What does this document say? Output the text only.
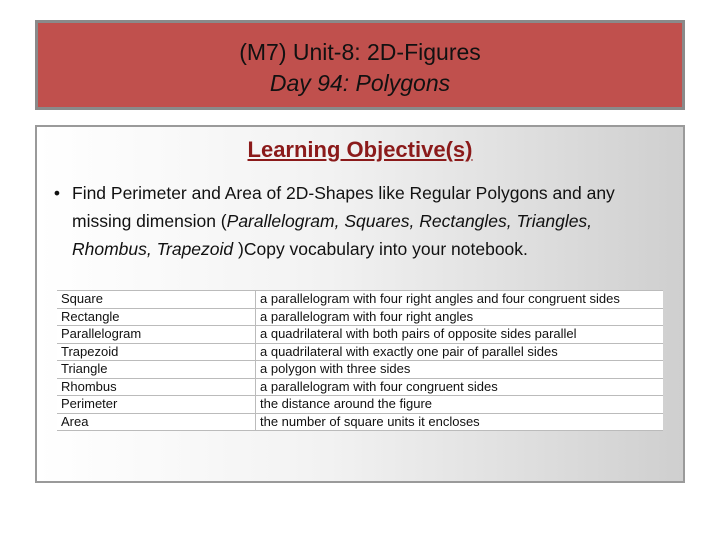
(M7) Unit-8: 2D-Figures
Day 94: Polygons
Learning Objective(s)
• Find Perimeter and Area of 2D-Shapes like Regular Polygons and any missing dimension (Parallelogram, Squares, Rectangles, Triangles, Rhombus, Trapezoid )Copy vocabulary into your notebook.
Square	a parallelogram with four right angles and four congruent sides
Rectangle	a parallelogram with four right angles
Parallelogram	a quadrilateral with both pairs of opposite sides parallel
Trapezoid	a quadrilateral with exactly one pair of parallel sides
Triangle	a polygon with three sides
Rhombus	a parallelogram with four congruent sides
Perimeter	the distance around the figure
Area	the number of square units it encloses
